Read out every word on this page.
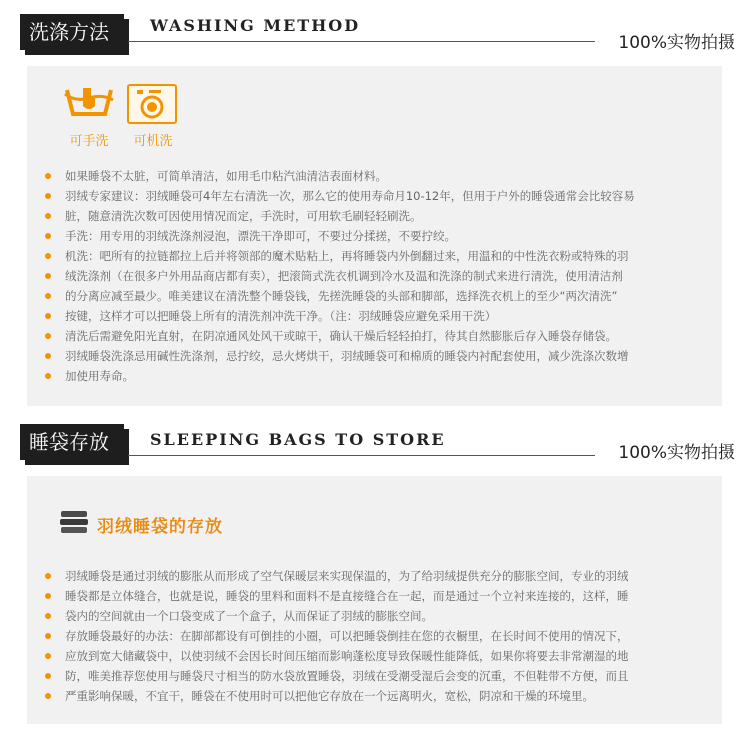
洗涤方法	WASHING METHOD
100%实物拍摄
可手洗	可机洗
如果睡袋不太脏，可简单清洁，如用毛巾粘汽油清洁表面材料。
羽绒专家建议：羽绒睡袋可4年左右清洗一次，那么它的使用寿命月10-12年，但用于户外的睡袋通常会比较容易
脏，随意清洗次数可因使用情况而定，手洗时，可用软毛刷轻轻刷洗。
手洗：用专用的羽绒洗涤剂浸泡，漂洗干净即可，不要过分揉搓，不要拧绞。
机洗：吧所有的拉链都拉上后并将领部的魔术贴粘上，再将睡袋内外倒翻过来，用温和的中性洗衣粉或特殊的羽
绒洗涤剂（在很多户外用品商店都有卖），把滚筒式洗衣机调到冷水及温和洗涤的制式来进行清洗，使用清洁剂
的分离应减至最少。唯美建议在清洗整个睡袋钱，先搓洗睡袋的头部和脚部，选择洗衣机上的至少“两次清洗”
按键，这样才可以把睡袋上所有的清洗剂冲洗干净。（注：羽绒睡袋应避免采用干洗）
清洗后需避免阳光直射，在阴凉通风处风干或晾干，确认干燥后轻轻拍打，待其自然膨胀后存入睡袋存储袋。
羽绒睡袋洗涤忌用碱性洗涤剂，忌拧绞，忌火烤烘干，羽绒睡袋可和棉质的睡袋内衬配套使用，减少洗涤次数增
加使用寿命。
睡袋存放	SLEEPING BAGS TO STORE
100%实物拍摄
羽绒睡袋的存放
羽绒睡袋是通过羽绒的膨胀从而形成了空气保暖层来实现保温的，为了给羽绒提供充分的膨胀空间，专业的羽绒
睡袋都是立体缝合，也就是说，睡袋的里料和面料不是直接缝合在一起，而是通过一个立衬来连接的，这样，睡
袋内的空间就由一个口袋变成了一个盒子，从而保证了羽绒的膨胀空间。
存放睡袋最好的办法：在脚部都设有可倒挂的小圈，可以把睡袋倒挂在您的衣橱里，在长时间不使用的情况下，
应放到宽大储藏袋中，以使羽绒不会因长时间压缩而影响蓬松度导致保暖性能降低，如果你将要去非常潮湿的地
防，唯美推荐您使用与睡袋尺寸相当的防水袋放置睡袋，羽绒在受潮受湿后会变的沉重，不但鞋带不方便，而且
严重影响保暖，不宜干，睡袋在不使用时可以把他它存放在一个远离明火，宽松，阴凉和干燥的环境里。
